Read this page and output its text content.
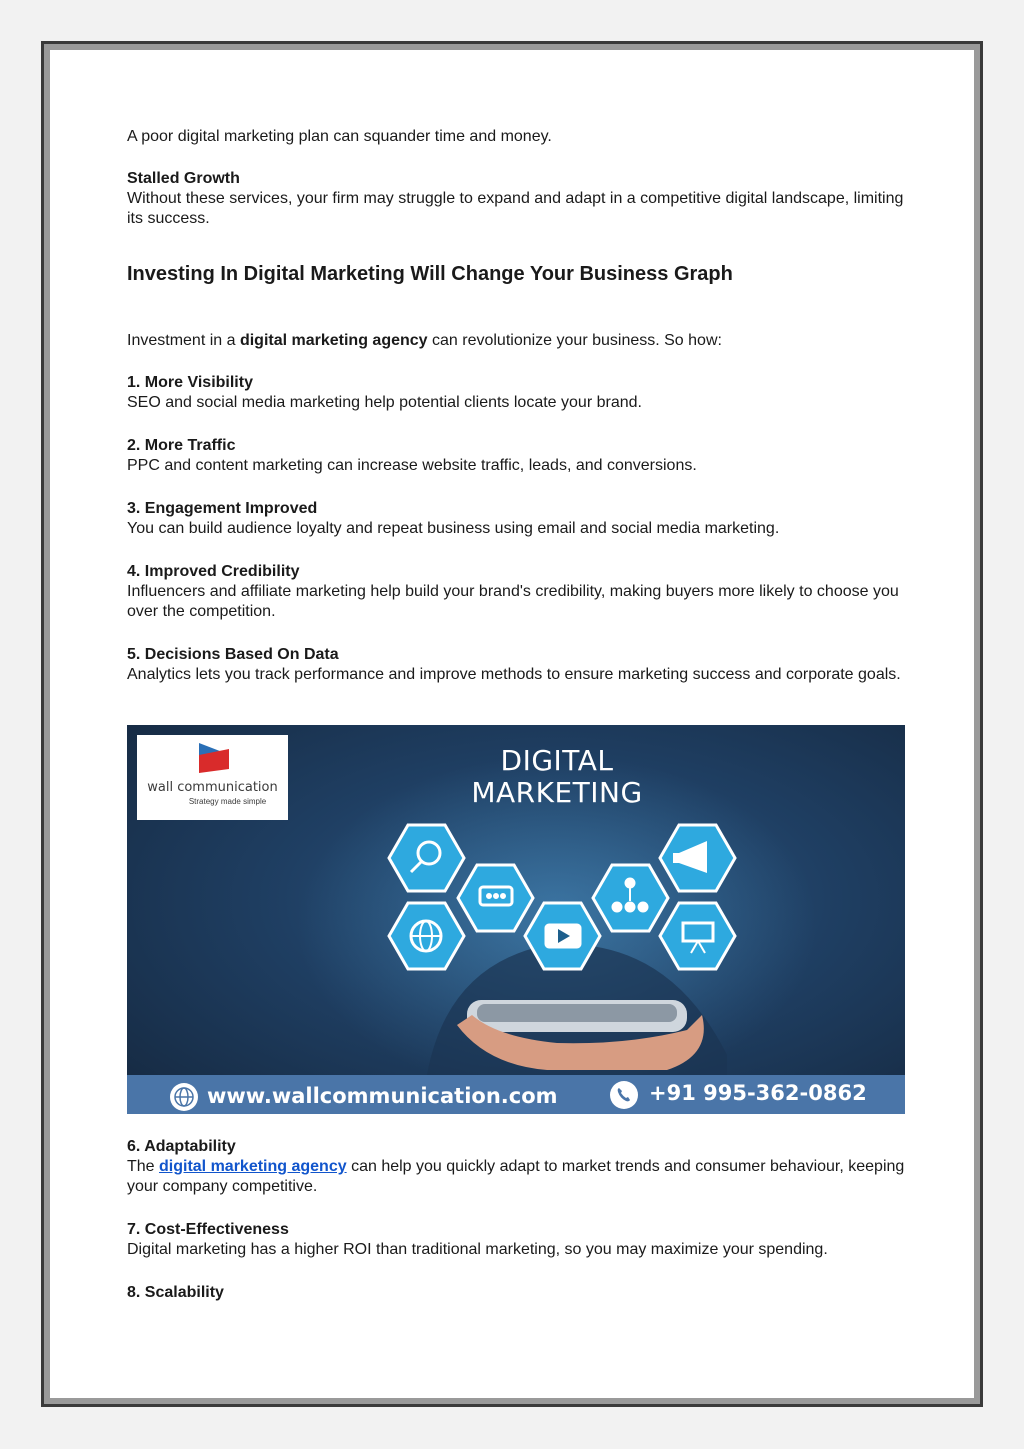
A poor digital marketing plan can squander time and money.

Stalled Growth

Without these services, your firm may struggle to expand and adapt in a competitive digital landscape, limiting its success.

Investing In Digital Marketing Will Change Your Business Graph

Investment in a digital marketing agency can revolutionize your business. So how:

1. More Visibility

SEO and social media marketing help potential clients locate your brand.

2. More Traffic

PPC and content marketing can increase website traffic, leads, and conversions.

3. Engagement Improved

You can build audience loyalty and repeat business using email and social media marketing.

4. Improved Credibility

Influencers and affiliate marketing help build your brand's credibility, making buyers more likely to choose you over the competition.

5. Decisions Based On Data

Analytics lets you track performance and improve methods to ensure marketing success and corporate goals.

6. Adaptability

The digital marketing agency can help you quickly adapt to market trends and consumer behaviour, keeping your company competitive.

7. Cost-Effectiveness

Digital marketing has a higher ROI than traditional marketing, so you may maximize your spending.

8. Scalability

wall communication
Strategy made simple
DIGITAL
MARKETING
www.wallcommunication.com	+91 995-362-0862
